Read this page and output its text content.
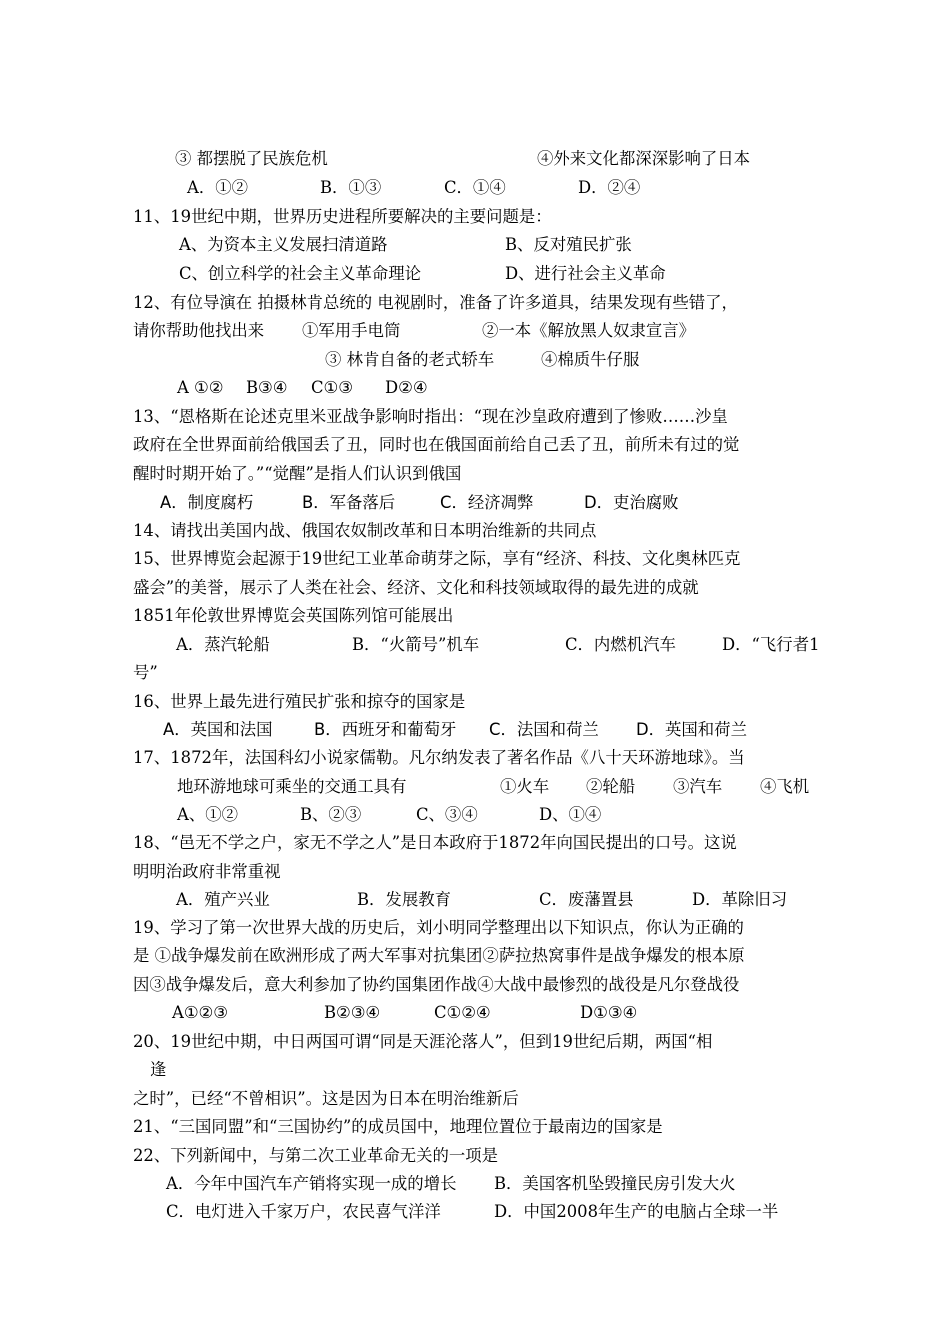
③ 都摆脱了民族危机	④外来文化都深深影响了日本
A．①②	B．①③	C．①④	D．②④
11、19世纪中期，世界历史进程所要解决的主要问题是：
A、为资本主义发展扫清道路	B、反对殖民扩张
C、创立科学的社会主义革命理论	D、进行社会主义革命
12、有位导演在 拍摄林肯总统的 电视剧时，准备了许多道具，结果发现有些错了，
请你帮助他找出来 ①军用手电筒	②一本《解放黑人奴隶宣言》
③ 林肯自备的老式轿车	④棉质牛仔服
A ①② B③④ C①③ D②④
13、“恩格斯在论述克里米亚战争影响时指出：“现在沙皇政府遭到了惨败……沙皇
政府在全世界面前给俄国丢了丑，同时也在俄国面前给自己丢了丑，前所未有过的觉
醒时时期开始了。”“觉醒”是指人们认识到俄国
A．制度腐朽	B．军备落后	C．经济凋弊	D．吏治腐败
14、请找出美国内战、俄国农奴制改革和日本明治维新的共同点
15、世界博览会起源于19世纪工业革命萌芽之际，享有“经济、科技、文化奥林匹克
盛会”的美誉，展示了人类在社会、经济、文化和科技领域取得的最先进的成就
1851年伦敦世界博览会英国陈列馆可能展出
A．蒸汽轮船	B．“火箭号”机车	C．内燃机汽车	D．“飞行者1
号”
16、世界上最先进行殖民扩张和掠夺的国家是
A．英国和法国	B．西班牙和葡萄牙 C．法国和荷兰 D．英国和荷兰
17、1872年，法国科幻小说家儒勒。凡尔纳发表了著名作品《八十天环游地球》。当
地环游地球可乘坐的交通工具有	①火车 ②轮船 ③汽车 ④飞机
A、①②	B、②③	C、③④	D、①④
18、“邑无不学之户，家无不学之人”是日本政府于1872年向国民提出的口号。这说
明明治政府非常重视
A．殖产兴业	B．发展教育	C．废藩置县	D．革除旧习
19、学习了第一次世界大战的历史后，刘小明同学整理出以下知识点，你认为正确的
是 ①战争爆发前在欧洲形成了两大军事对抗集团②萨拉热窝事件是战争爆发的根本原
因③战争爆发后，意大利参加了协约国集团作战④大战中最惨烈的战役是凡尔登战役
A①②③	B②③④	C①②④	D①③④
20、19世纪中期，中日两国可谓“同是天涯沦落人”，但到19世纪后期，两国“相
逢
之时”，已经“不曾相识”。这是因为日本在明治维新后
21、“三国同盟”和“三国协约”的成员国中，地理位置位于最南边的国家是
22、下列新闻中，与第二次工业革命无关的一项是
A．今年中国汽车产销将实现一成的增长 B．美国客机坠毁撞民房引发大火
C．电灯进入千家万户，农民喜气洋洋	D．中国2008年生产的电脑占全球一半
